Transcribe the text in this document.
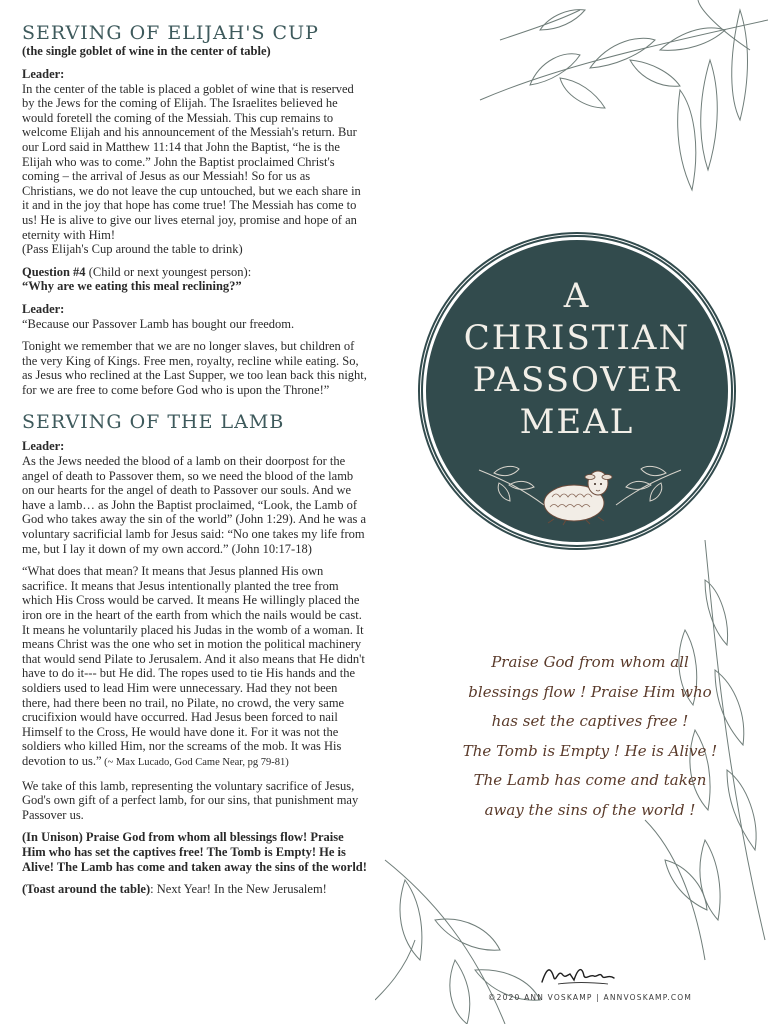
SERVING OF ELIJAH'S CUP
(the single goblet of wine in the center of table)

Leader:
In the center of the table is placed a goblet of wine that is reserved by the Jews for the coming of Elijah. The Israelites believed he would foretell the coming of the Messiah. This cup remains to welcome Elijah and his announcement of the Messiah's return. Bur our Lord said in Matthew 11:14 that John the Baptist, “he is the Elijah who was to come.” John the Baptist proclaimed Christ's coming – the arrival of Jesus as our Messiah! So for us as Christians, we do not leave the cup untouched, but we each share in it and in the joy that hope has come true! The Messiah has come to us! He is alive to give our lives eternal joy, promise and hope of an eternity with Him!
(Pass Elijah's Cup around the table to drink)

Question #4 (Child or next youngest person):
“Why are we eating this meal reclining?”

Leader:
“Because our Passover Lamb has bought our freedom.

Tonight we remember that we are no longer slaves, but children of the very King of Kings. Free men, royalty, recline while eating. So, as Jesus who reclined at the Last Supper, we too lean back this night, for we are free to come before God who is upon the Throne!”

SERVING OF THE LAMB

Leader:
As the Jews needed the blood of a lamb on their doorpost for the angel of death to Passover them, so we need the blood of the lamb on our hearts for the angel of death to Passover our souls. And we have a lamb… as John the Baptist proclaimed, “Look, the Lamb of God who takes away the sin of the world” (John 1:29). And he was a voluntary sacrificial lamb for Jesus said: “No one takes my life from me, but I lay it down of my own accord.” (John 10:17-18)

“What does that mean? It means that Jesus planned His own sacrifice. It means that Jesus intentionally planted the tree from which His Cross would be carved. It means He willingly placed the iron ore in the heart of the earth from which the nails would be cast. It means he voluntarily placed his Judas in the womb of a woman. It means Christ was the one who set in motion the political machinery that would send Pilate to Jerusalem. And it also means that He didn't have to do it--- but He did. The ropes used to tie His hands and the soldiers used to lead Him were unnecessary. Had they not been there, had there been no trail, no Pilate, no crowd, the very same crucifixion would have occurred. Had Jesus been forced to nail Himself to the Cross, He would have done it. For it was not the soldiers who killed Him, nor the screams of the mob. It was His devotion to us.” (~ Max Lucado, God Came Near, pg 79-81)

We take of this lamb, representing the voluntary sacrifice of Jesus, God's own gift of a perfect lamb, for our sins, that punishment may Passover us.

(In Unison) Praise God from whom all blessings flow! Praise Him who has set the captives free! The Tomb is Empty! He is Alive! The Lamb has come and taken away the sins of the world!

(Toast around the table): Next Year! In the New Jerusalem!

A
CHRISTIAN
PASSOVER
MEAL
Praise God from whom all
blessings flow ! Praise Him who
has set the captives free !
The Tomb is Empty ! He is Alive !
The Lamb has come and taken
away the sins of the world !
©2020 ANN VOSKAMP | ANNVOSKAMP.COM
